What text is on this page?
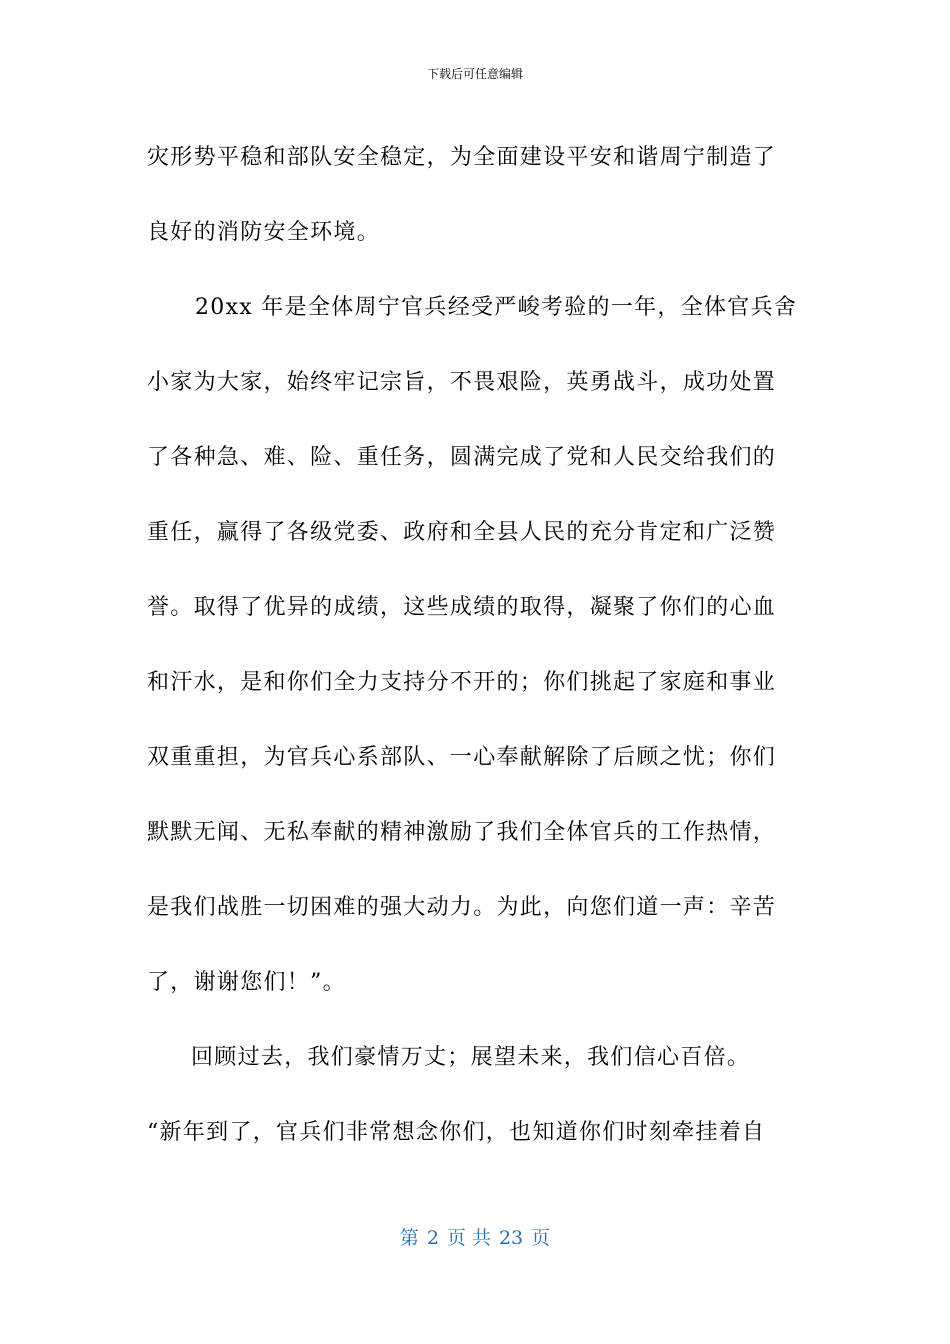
下载后可任意编辑
灾形势平稳和部队安全稳定，为全面建设平安和谐周宁制造了
良好的消防安全环境。
20xx 年是全体周宁官兵经受严峻考验的一年，全体官兵舍
小家为大家，始终牢记宗旨，不畏艰险，英勇战斗，成功处置
了各种急、难、险、重任务，圆满完成了党和人民交给我们的
重任，赢得了各级党委、政府和全县人民的充分肯定和广泛赞
誉。取得了优异的成绩，这些成绩的取得，凝聚了你们的心血
和汗水，是和你们全力支持分不开的；你们挑起了家庭和事业
双重重担，为官兵心系部队、一心奉献解除了后顾之忧；你们
默默无闻、无私奉献的精神激励了我们全体官兵的工作热情，
是我们战胜一切困难的强大动力。为此，向您们道一声：辛苦
了，谢谢您们！”。
回顾过去，我们豪情万丈；展望未来，我们信心百倍。
“新年到了，官兵们非常想念你们，也知道你们时刻牵挂着自
第 2 页 共 23 页
